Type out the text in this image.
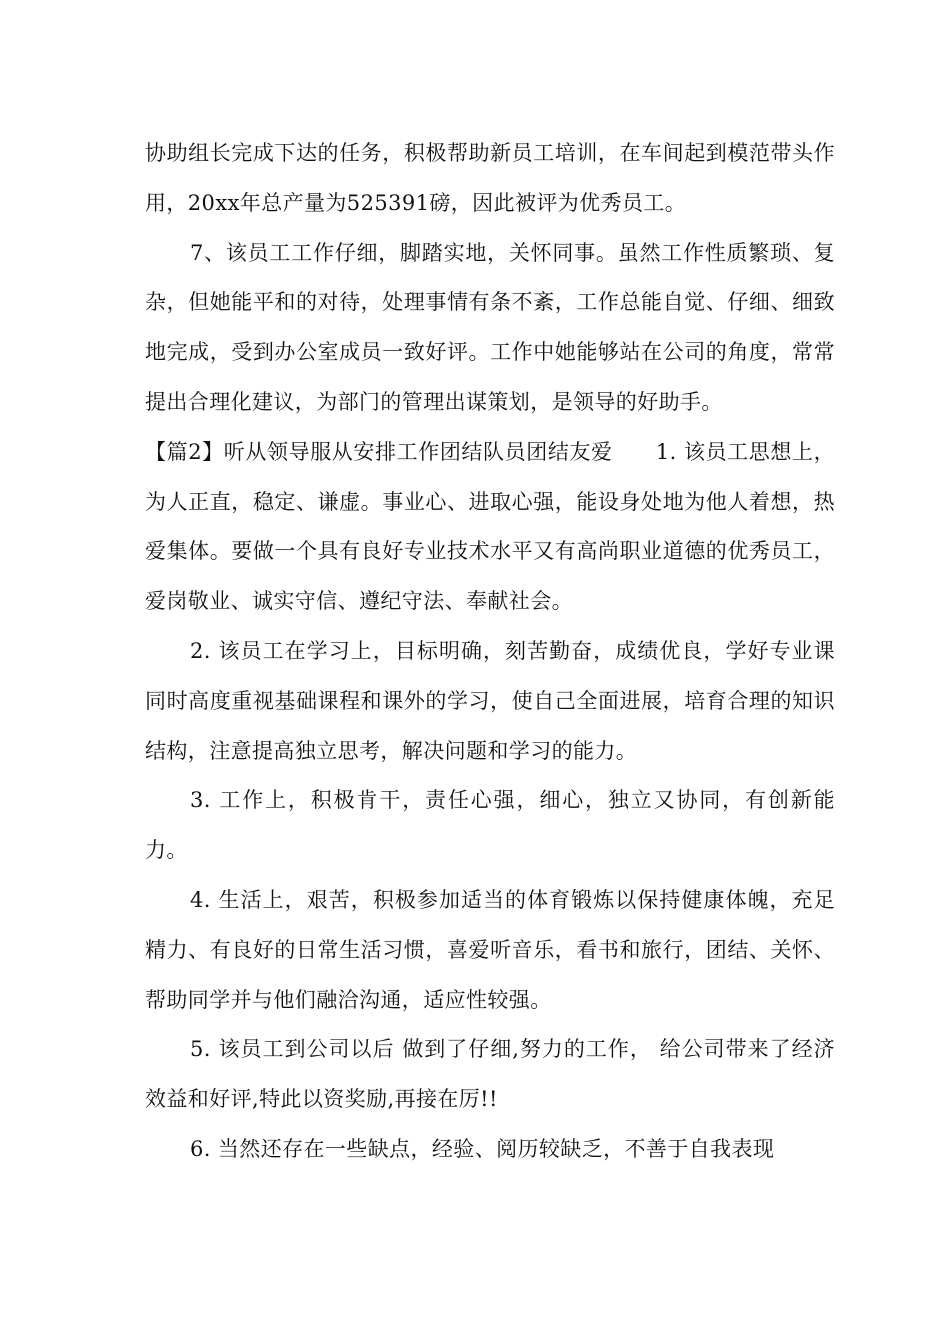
协助组长完成下达的任务，积极帮助新员工培训，在车间起到模范带头作用，20xx年总产量为525391磅，因此被评为优秀员工。

7、该员工工作仔细，脚踏实地，关怀同事。虽然工作性质繁琐、复杂，但她能平和的对待，处理事情有条不紊，工作总能自觉、仔细、细致地完成，受到办公室成员一致好评。工作中她能够站在公司的角度，常常提出合理化建议，为部门的管理出谋策划，是领导的好助手。

【篇2】听从领导服从安排工作团结队员团结友爱　　1. 该员工思想上，为人正直，稳定、谦虚。事业心、进取心强，能设身处地为他人着想，热爱集体。要做一个具有良好专业技术水平又有高尚职业道德的优秀员工，爱岗敬业、诚实守信、遵纪守法、奉献社会。

2. 该员工在学习上，目标明确，刻苦勤奋，成绩优良，学好专业课同时高度重视基础课程和课外的学习，使自己全面进展，培育合理的知识结构，注意提高独立思考，解决问题和学习的能力。

3. 工作上，积极肯干，责任心强，细心，独立又协同，有创新能力。

4. 生活上，艰苦，积极参加适当的体育锻炼以保持健康体魄，充足精力、有良好的日常生活习惯，喜爱听音乐，看书和旅行，团结、关怀、帮助同学并与他们融洽沟通，适应性较强。

5. 该员工到公司以后 做到了仔细,努力的工作， 给公司带来了经济效益和好评,特此以资奖励,再接在厉!!

6. 当然还存在一些缺点，经验、阅历较缺乏，不善于自我表现
